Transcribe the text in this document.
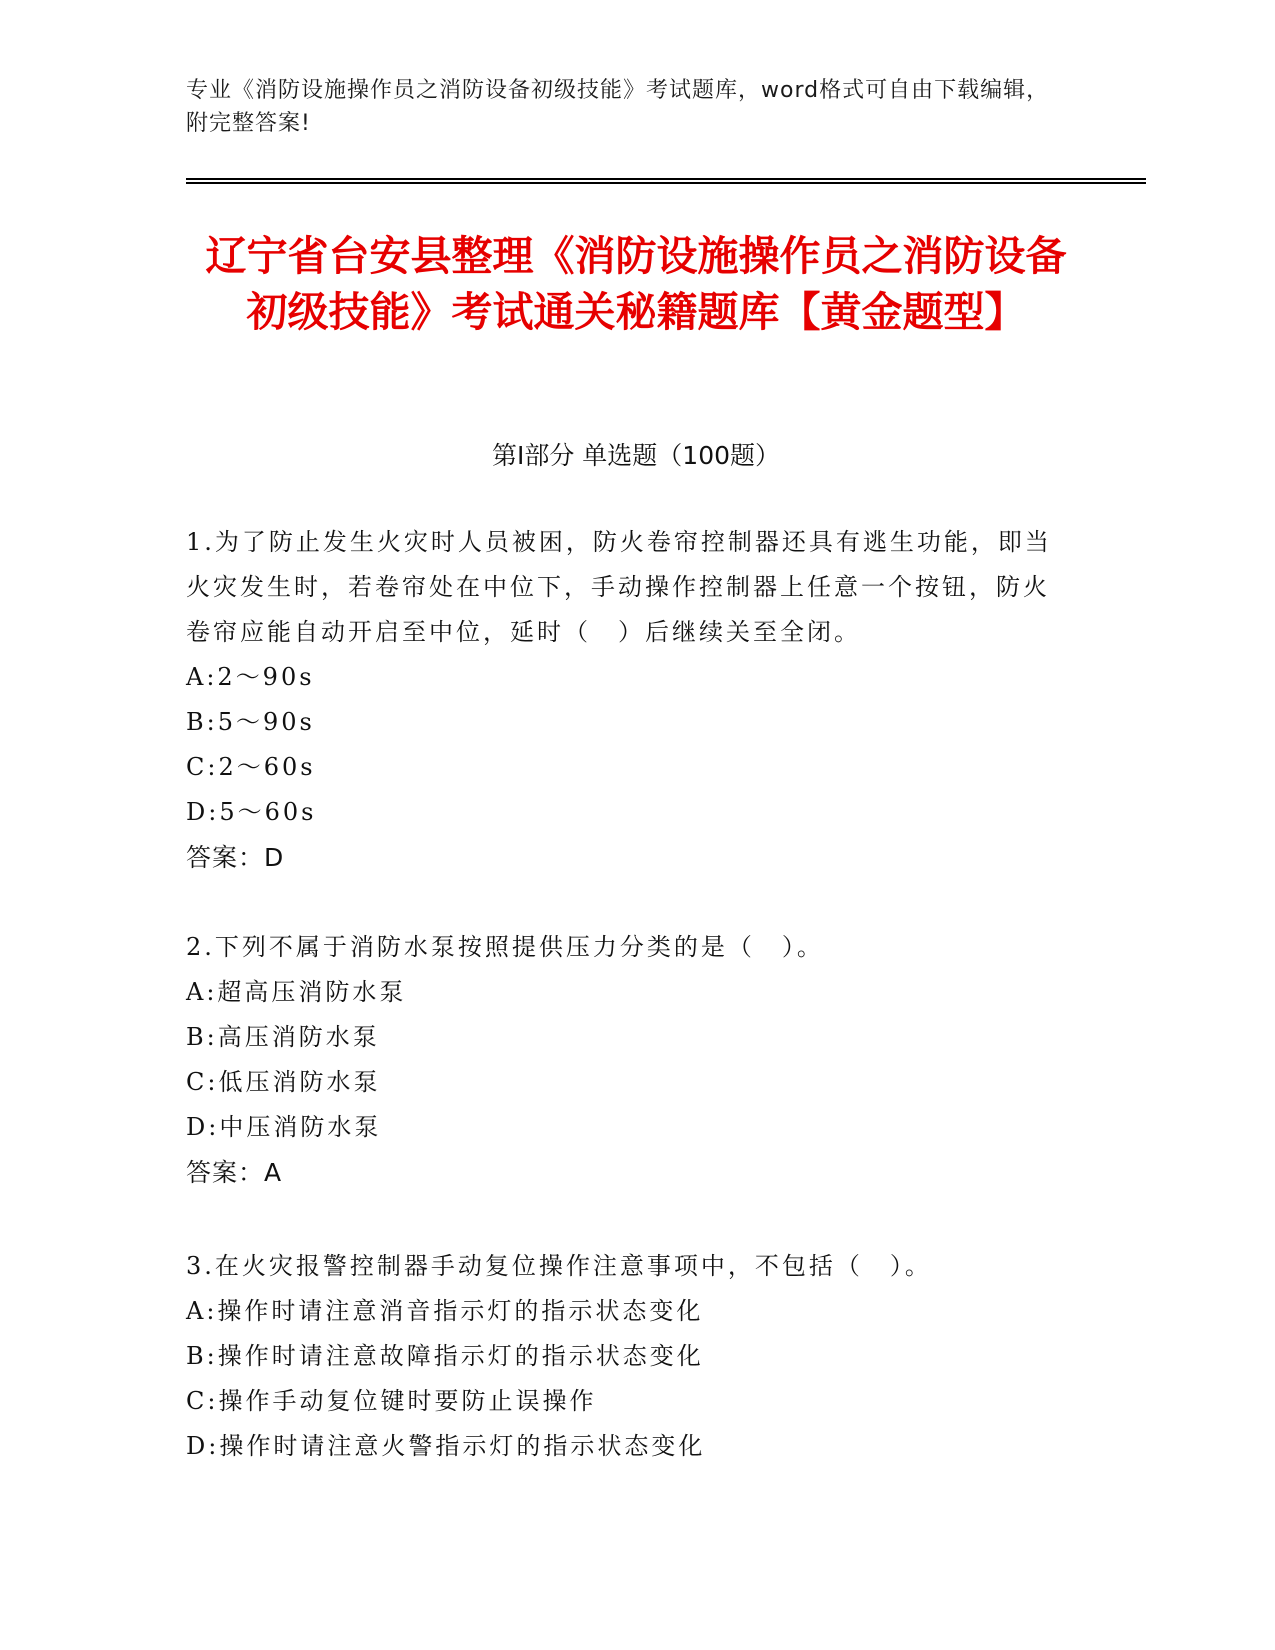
专业《消防设施操作员之消防设备初级技能》考试题库，word格式可自由下载编辑，附完整答案!
辽宁省台安县整理《消防设施操作员之消防设备初级技能》考试通关秘籍题库【黄金题型】
第I部分 单选题（100题）

1.为了防止发生火灾时人员被困，防火卷帘控制器还具有逃生功能，即当火灾发生时，若卷帘处在中位下，手动操作控制器上任意一个按钮，防火卷帘应能自动开启至中位，延时（　）后继续关至全闭。

A:2～90s

B:5～90s

C:2～60s

D:5～60s

答案：D

2.下列不属于消防水泵按照提供压力分类的是（　）。

A:超高压消防水泵

B:高压消防水泵

C:低压消防水泵

D:中压消防水泵

答案：A

3.在火灾报警控制器手动复位操作注意事项中，不包括（　）。

A:操作时请注意消音指示灯的指示状态变化

B:操作时请注意故障指示灯的指示状态变化

C:操作手动复位键时要防止误操作

D:操作时请注意火警指示灯的指示状态变化
